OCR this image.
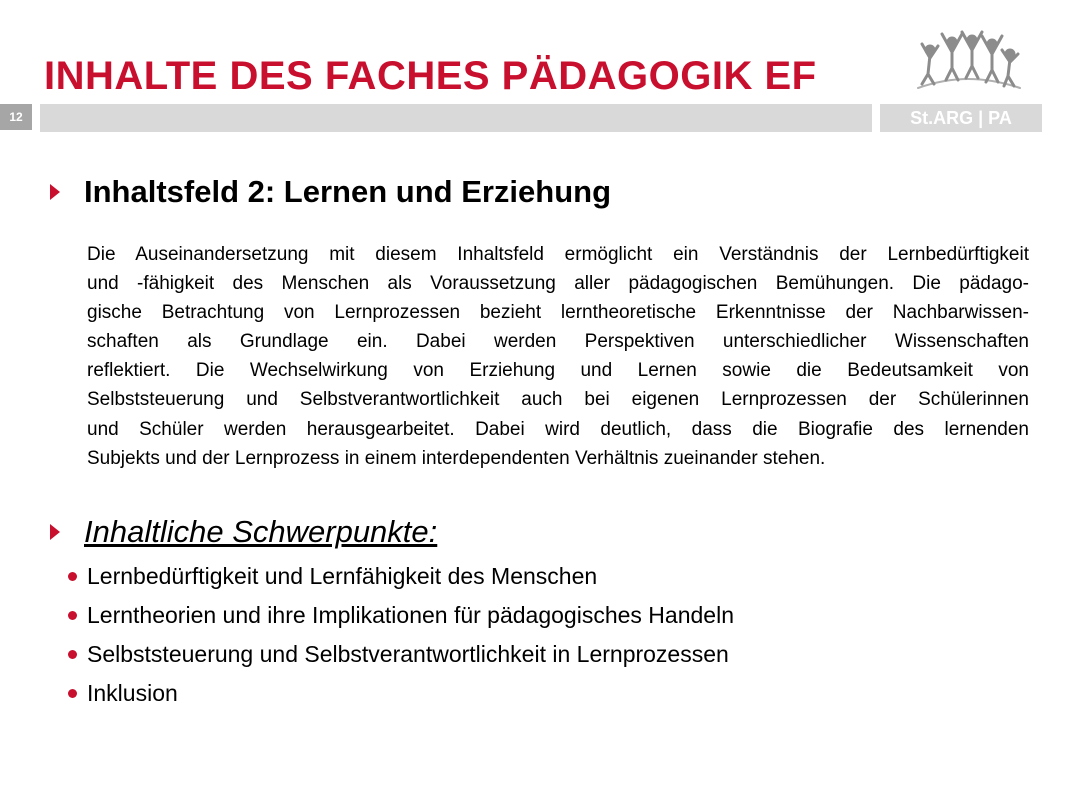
INHALTE DES FACHES PÄDAGOGIK EF
12	St.ARG | PA
Inhaltsfeld 2: Lernen und Erziehung

Die Auseinandersetzung mit diesem Inhaltsfeld ermöglicht ein Verständnis der Lernbedürftigkeit
und -fähigkeit des Menschen als Voraussetzung aller pädagogischen Bemühungen. Die pädago-
gische Betrachtung von Lernprozessen bezieht lerntheoretische Erkenntnisse der Nachbarwissen-
schaften als Grundlage ein. Dabei werden Perspektiven unterschiedlicher Wissenschaften
reflektiert. Die Wechselwirkung von Erziehung und Lernen sowie die Bedeutsamkeit von
Selbststeuerung und Selbstverantwortlichkeit auch bei eigenen Lernprozessen der Schülerinnen
und Schüler werden herausgearbeitet. Dabei wird deutlich, dass die Biografie des lernenden
Subjekts und der Lernprozess in einem interdependenten Verhältnis zueinander stehen.

Inhaltliche Schwerpunkte:
Lernbedürftigkeit und Lernfähigkeit des Menschen
Lerntheorien und ihre Implikationen für pädagogisches Handeln
Selbststeuerung und Selbstverantwortlichkeit in Lernprozessen
Inklusion
